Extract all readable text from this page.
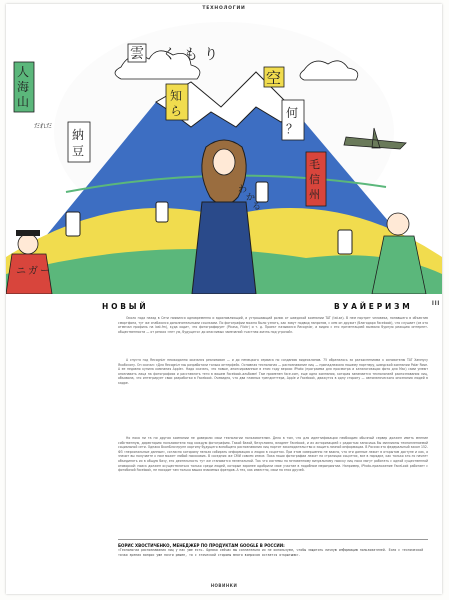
ТЕХНОЛОГИИ
雲 く も り
空
人
海
山	知
ら
納
豆
何
？
毛
信
州
ニ ガ ー
わ
か
る
だれだ
НОВЫЙ	ВУАЙЕРИЗМ	III

Около года назад в Сети появился одновременно и вдохновляющий, и устрашающий ролик от шведской компании TAT (tat.se). В нем портрет человека, попавшего в объектив смартфона, тут же снабжался дополнительными ссылками. По фотографии можно было узнать, как зовут подвид напротив, с кем он дружит (благодаря Facebook), что слушает (из ото отмечал профиль на last.fm), куда ходит, что фотографирует (Picasa, Flickr) и т. д. Проект назывался Recognizr, и видео с его презентацией вызвало бурную реакцию интернет-общественности — от резких «нет уж, будущего» до опасливых замечаний «частная жизнь под угрозой».

А спустя год Recognizr неожиданно оказался реализован — и до немецкого сервиса по созданию видеоклипов. 75 обратилось за разъяснениями к основателю TAT Хампусу Якобссону. Он сказал: «Для Recognizr мы разработали только интерфейс. Основная технология — распознавание лиц — принадлежала нашему партнеру, шведской компании Polar Rose. А ее недавно купила компания Apple». Надо сказать, что новые, анонсированные в этом году версии iPhoto (программа для просмотра и каталогизации фото для Mac) сами умеют опознавать лица на фотографиях и расставлять теги в вашем Facebook-альбоме! Там применен face.com, еще одна компания, которая занимается технологией распознавания лиц, объявила, что интегрирует свои разработки в Facebook. Очевидно, что два главных трендсеттера, Apple и Facebook, движутся в одну сторону — автоматического опознания людей в кадре.

Но пока ни та ни другая компании не доверили свои технологии пользователям. Дело в том, что для идентификации необходим обычный сервер должен иметь мнение собственную, директорию пользователя под каждую фотографию. Такой базой, безусловно, владеет Facebook, и их акторизацией с радостью заносишь бы миллионы технопленаемой социальной сети. Однако ВконБлачгрупп картину будущего всеобщего распознавания лиц портит законодательство и защита личной информации. В России это федеральный закон 152-ФЗ «персональные данные», согласно которому нельзя собирать информацию о людях в соцсетях. При этом совершенно не важно, что эти данные лежат в открытом доступе и как, а значит вы получаете к ним может любой поисковик. В соседних же СМИ совсем иначе. Пока наши фотографии лежат на страницах соцсетях, все в порядке, как только кто-то начнет объединять их в общую базу, его деятельность тут же становится нелегальной. Так что системы по мгновенному визуальному поиску лиц пока могут работать с одной существенной оговоркой: поиск должен осуществляться только среди людей, которые заранее одобрили свое участие в подобном мероприятии. Например, iPhoto-приложение FaceLook работает с фотобазой Facebook, не находит там только ваших взаимных френдов. А тех, как известно, свои на этих друзей.

БОРИС ХВОСТИЧЕНКО, МЕНЕДЖЕР ПО ПРОДУКТАМ GOOGLE В РОССИИ:
«Технологии распознавания лиц у нас уже есть. Однако сейчас мы сознательно их не используем, чтобы защитить личную информацию пользователей. Если с технической точки зрения вопрос уже почти решен, то с этической стороны много вопросов остается открытыми».
НОВИНКИ
